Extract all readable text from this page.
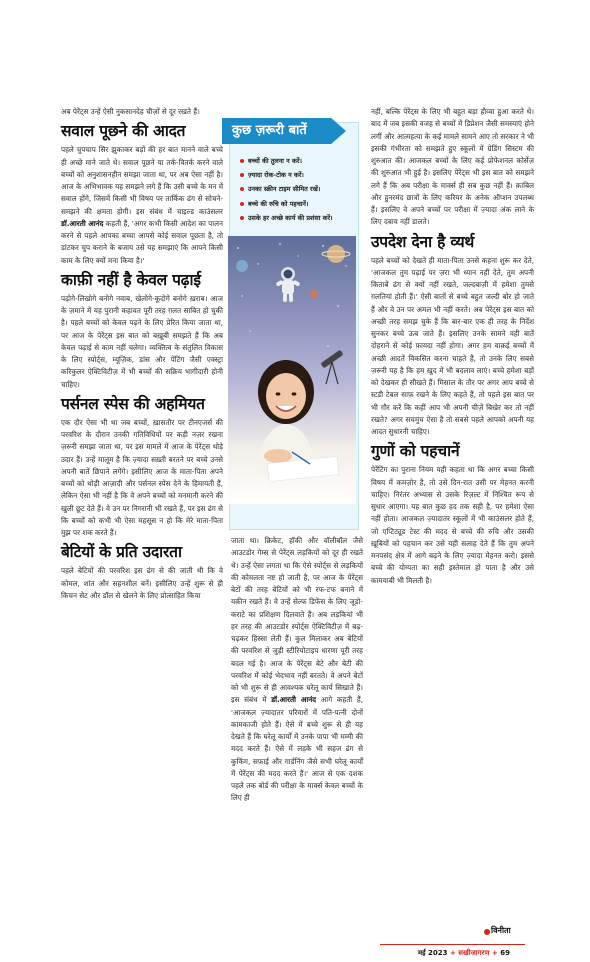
अब पेरेंट्स उन्हें ऐसी नुकसानदेह चीज़ों से दूर रखते हैं।

सवाल पूछने की आदत

पहले चुपचाप सिर झुकाकर बड़ों की हर बात मानने वाले बच्चे ही अच्छे माने जाते थे। सवाल पूछने या तर्क-वितर्क करने वाले बच्चों को अनुशासनहीन समझा जाता था, पर अब ऐसा नहीं है। आज के अभिभावक यह समझने लगे हैं कि उसी बच्चे के मन में सवाल होंगे, जिसमें किसी भी विषय पर तार्किक ढंग से सोचने-समझने की क्षमता होगी। इस संबंध में चाइल्ड काउंसलर डॉ.आरती आनंद कहती हैं, 'अगर कभी किसी आदेश का पालन करने से पहले आपका बच्चा आपसे कोई सवाल पूछता है, तो डांटकर चुप कराने के बजाय उसे यह समझाएं कि आपने किसी काम के लिए क्यों मना किया है।'

काफ़ी नहीं है केवल पढ़ाई

पढ़ोगे-लिखोगे बनोगे नवाब, खेलोगे-कूदोगे बनोगे ख़राब। आज के ज़माने में यह पुरानी कहावत पूरी तरह ग़लत साबित हो चुकी है। पहले बच्चों को केवल पढ़ने के लिए प्रेरित किया जाता था, पर आज के पेरेंट्स इस बात को बख़ूबी समझते हैं कि अब केवल पढ़ाई से काम नहीं चलेगा। व्यक्तित्व के संतुलित विकास के लिए स्पोर्ट्स, म्यूज़िक, डांस और पेंटिंग जैसी एक्स्ट्रा करिकुलर ऐक्टिविटीज़ में भी बच्चों की सक्रिय भागीदारी होनी चाहिए।

पर्सनल स्पेस की अहमियत

एक दौर ऐसा भी था जब बच्चों, ख़ासतौर पर टीनएजर्स की परवरिश के दौरान उनकी गतिविधियों पर कड़ी नज़र रखना ज़रूरी समझा जाता था, पर इस मामले में आज के पेरेंट्स थोड़े उदार हैं। उन्हें मालूम है कि ज़्यादा सख़्ती बरतने पर बच्चे उनसे अपनी बातें छिपाने लगेंगे। इसीलिए आज के माता-पिता अपने बच्चों को थोड़ी आज़ादी और पर्सनल स्पेस देने के हिमायती हैं, लेकिन ऐसा भी नहीं है कि वे अपने बच्चों को मनमानी करने की खुली छूट देते हैं। वे उन पर निगरानी भी रखते हैं, पर इस ढंग से कि बच्चों को कभी भी ऐसा महसूस न हो कि मेरे माता-पिता मुझ पर शक करते हैं।

बेटियों के प्रति उदारता

पहले बेटियों की परवरिश इस ढंग से की जाती थी कि वे कोमल, शांत और सहनशील बनें। इसीलिए उन्हें शुरू से ही किचन सेट और डॉल से खेलने के लिए प्रोत्साहित किया

कुछ ज़रूरी बातें
बच्चों की तुलना न करें।
ज़्यादा रोक-टोक न करें।
उनका स्क्रीन टाइम सीमित रखें।
बच्चे की रुचि को पहचानें।
उसके हर अच्छे कार्य की प्रशंसा करें।

जाता था। क्रिकेट, हॉकी और वॉलीबॉल जैसे आउटडोर गेम्स से पेरेंट्स लड़कियों को दूर ही रखते थे। उन्हें ऐसा लगता था कि ऐसे स्पोर्ट्स से लड़कियों की कोमलता नष्ट हो जाती है, पर आज के पेरेंट्स बेटों की तरह बेटियों को भी रफ-टफ बनाने में यक़ीन रखते हैं। वे उन्हें सेल्फ डिफेंस के लिए जूडो-कराटे का प्रशिक्षण दिलवाते हैं। अब लड़कियां भी हर तरह की आउटडोर स्पोर्ट्स ऐक्टिविटीज़ में बढ़-चढ़कर हिस्सा लेती हैं। कुल मिलाकर अब बेटियों की परवरिश से जुड़ी स्टीरियोटाइप धारणा पूरी तरह बदल गई है। आज के पेरेंट्स बेटे और बेटी की परवरिश में कोई भेदभाव नहीं बरतते। वे अपने बेटों को भी शुरू से ही आवश्यक घरेलू कार्य सिखाते हैं। इस संबंध में डॉ.आरती आनंद आगे कहती हैं, 'आजकल ज़्यादातर परिवारों में पति-पत्नी दोनों कामकाजी होते हैं। ऐसे में बच्चे शुरू से ही यह देखते हैं कि घरेलू कार्यों में उनके पापा भी मम्मी की मदद करते हैं। ऐसे में लड़के भी सहज ढंग से कुकिंग, सफ़ाई और गार्डनिंग जैसे सभी घरेलू कार्यों में पेरेंट्स की मदद करते हैं।' आज से एक दशक पहले तक बोर्ड की परीक्षा के मार्क्स केवल बच्चों के लिए ही

नहीं, बल्कि पेरेंट्स के लिए भी बहुत बड़ा हौव्वा हुआ करते थे। बाद में जब इसकी वजह से बच्चों में डिप्रेशन जैसी समस्याएं होने लगीं और आत्महत्या के कई मामले सामने आए तो सरकार ने भी इसकी गंभीरता को समझते हुए स्कूलों में ग्रेडिंग सिस्टम की शुरुआत की। आजकल बच्चों के लिए कई प्रोफेशनल कोर्सेज़ की शुरुआत भी हुई है। इसलिए पेरेंट्स भी इस बात को समझने लगे हैं कि अब परीक्षा के मार्क्स ही सब कुछ नहीं हैं। क़ाबिल और हुनरमंद छात्रों के लिए करियर के अनेक ऑप्शन उपलब्ध हैं। इसलिए वे अपने बच्चों पर परीक्षा में ज़्यादा अंक लाने के लिए दबाव नहीं डालते।

उपदेश देना है व्यर्थ

पहले बच्चों को देखते ही माता-पिता उनसे कहना शुरू कर देते, 'आजकल तुम पढ़ाई पर ज़रा भी ध्यान नहीं देते, तुम अपनी किताबें ढंग से क्यों नहीं रखते, जल्दबाज़ी में हमेशा तुमसे ग़लतियां होती हैं।' ऐसी बातों से बच्चे बहुत जल्दी बोर हो जाते हैं और वे उन पर अमल भी नहीं करते। अब पेरेंट्स इस बात को अच्छी तरह समझ चुके हैं कि बार-बार एक ही तरह के निर्देश सुनकर बच्चे ऊब जाते हैं। इसलिए उनके सामने वही बातें दोहराने से कोई फ़ायदा नहीं होगा। अगर हम वाक़ई बच्चों में अच्छी आदतें विकसित करना चाहते हैं, तो उनके लिए सबसे ज़रूरी यह है कि हम ख़ुद में भी बदलाव लाएं। बच्चे हमेशा बड़ों को देखकर ही सीखते हैं। मिसाल के तौर पर अगर आप बच्चे से स्टडी टेबल साफ़ रखने के लिए कहते हैं, तो पहले इस बात पर भी ग़ौर करें कि कहीं आप भी अपनी चीज़ें बिखेर कर तो नहीं रखते? अगर सचमुच ऐसा है तो सबसे पहले आपको अपनी यह आदत सुधारनी चाहिए।

गुणों को पहचानें

पेरेंटिंग का पुराना नियम यही कहता था कि अगर बच्चा किसी विषय में कमज़ोर है, तो उसे दिन-रात उसी पर मेहनत करनी चाहिए। निरंतर अभ्यास से उसके रिज़ल्ट में निश्चित रूप से सुधार आएगा। यह बात कुछ हद तक सही है, पर हमेशा ऐसा नहीं होता। आजकल ज़्यादातर स्कूलों में भी काउंसलर होते हैं, जो एप्टिट्यूड टेस्ट की मदद से बच्चे की रुचि और उसकी ख़ूबियों को पहचान कर उसे यही सलाह देते हैं कि तुम अपने मनपसंद क्षेत्र में आगे बढ़ने के लिए ज़्यादा मेहनत करो। इससे बच्चे की योग्यता का सही इस्तेमाल हो पाता है और उसे कामयाबी भी मिलती है।

विनीता
मई 2023 + सखीजागरण + 69
